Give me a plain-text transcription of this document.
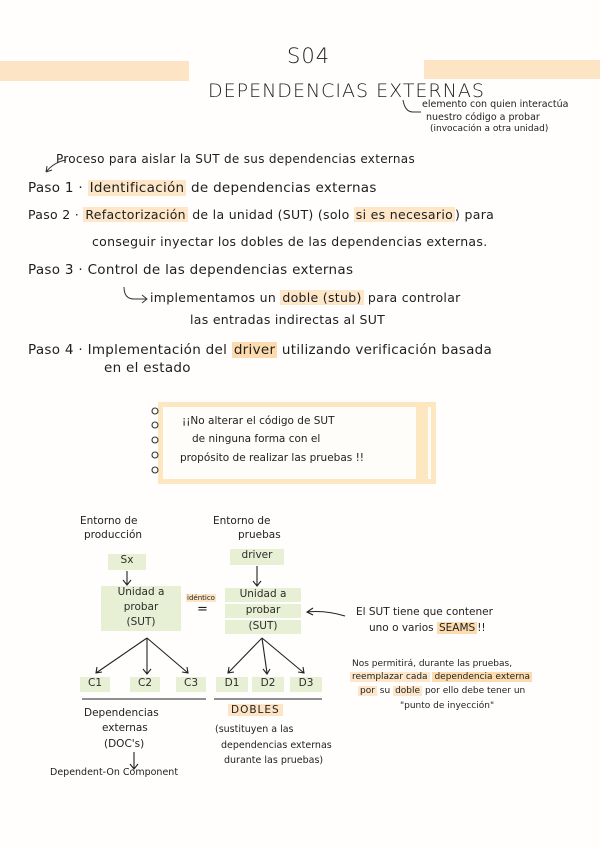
S04
DEPENDENCIAS EXTERNAS
elemento con quien interactúa
nuestro código a probar
(invocación a otra unidad)
Proceso para aislar la SUT de sus dependencias externas
Paso 1 · Identificación de dependencias externas
Paso 2 · Refactorización de la unidad (SUT) (solo si es necesario ) para
conseguir inyectar los dobles de las dependencias externas.
Paso 3 · Control de las dependencias externas
implementamos un doble (stub) para controlar
las entradas indirectas al SUT
Paso 4 · Implementación del driver utilizando verificación basada
en el estado
¡¡No alterar el código de SUT
de ninguna forma con el
propósito de realizar las pruebas !!
Entorno de
producción
Entorno de
pruebas
Sx	driver
Unidad a
probar
(SUT)
Unidad a
probar
(SUT)
idéntico
=
C1	C2	C3	D1	D2	D3
Dependencias
externas
(DOC's)
Dependent-On Component
DOBLES
(sustituyen a las
dependencias externas
durante las pruebas)
El SUT tiene que contener
uno o varios SEAMS !!
Nos permitirá, durante las pruebas,
reemplazar cada dependencia externa
por su doble por ello debe tener un
"punto de inyección"
